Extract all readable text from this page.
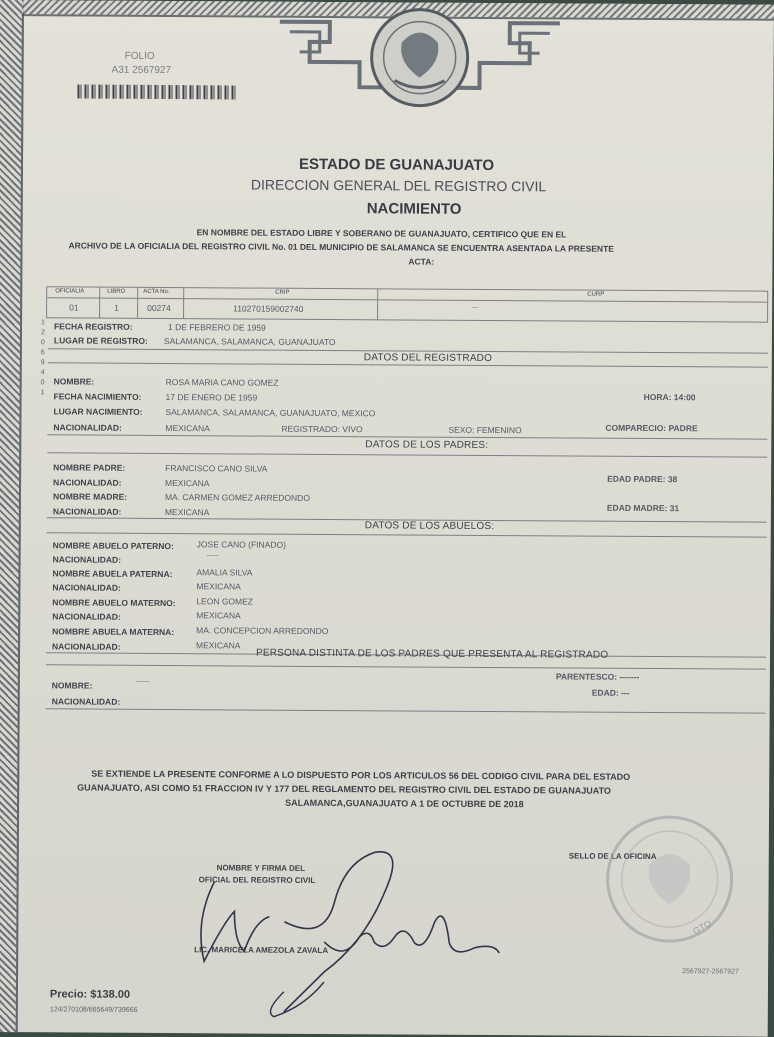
FOLIO
A31 2567927
ESTADO DE GUANAJUATO
DIRECCION GENERAL DEL REGISTRO CIVIL
NACIMIENTO
EN NOMBRE DEL ESTADO LIBRE Y SOBERANO DE GUANAJUATO, CERTIFICO QUE EN EL
ARCHIVO DE LA OFICIALIA DEL REGISTRO CIVIL No. 01 DEL MUNICIPIO DE SALAMANCA SE ENCUENTRA ASENTADA LA PRESENTE
ACTA:
OFICIALIA	LIBRO	ACTA No.	CRIP	CURP
01	1	00274	110270159002740	---
1
2
0
6
9
4
0
1
FECHA REGISTRO:	1 DE FEBRERO DE 1959
LUGAR DE REGISTRO: SALAMANCA, SALAMANCA, GUANAJUATO
DATOS DEL REGISTRADO
NOMBRE:	ROSA MARIA CANO GOMEZ
FECHA NACIMIENTO:	17 DE ENERO DE 1959	HORA: 14:00
LUGAR NACIMIENTO:	SALAMANCA, SALAMANCA, GUANAJUATO, MEXICO
NACIONALIDAD:	MEXICANA	REGISTRADO: VIVO	SEXO: FEMENINO	COMPARECIO: PADRE
DATOS DE LOS PADRES:
NOMBRE PADRE:	FRANCISCO CANO SILVA
NACIONALIDAD:	MEXICANA	EDAD PADRE: 38
NOMBRE MADRE:	MA. CARMEN GOMEZ ARREDONDO
NACIONALIDAD:	MEXICANA	EDAD MADRE: 31
DATOS DE LOS ABUELOS:
NOMBRE ABUELO PATERNO:	JOSE CANO (FINADO)
NACIONALIDAD:	------
NOMBRE ABUELA PATERNA:	AMALIA SILVA
NACIONALIDAD:	MEXICANA
NOMBRE ABUELO MATERNO: LEON GOMEZ
NACIONALIDAD:	MEXICANA
NOMBRE ABUELA MATERNA:	MA. CONCEPCION ARREDONDO
NACIONALIDAD:	MEXICANA
PERSONA DISTINTA DE LOS PADRES QUE PRESENTA AL REGISTRADO
PARENTESCO: -------
NOMBRE:	-------
EDAD: ---
NACIONALIDAD:
SE EXTIENDE LA PRESENTE CONFORME A LO DISPUESTO POR LOS ARTICULOS 56 DEL CODIGO CIVIL PARA DEL ESTADO
GUANAJUATO, ASI COMO 51 FRACCION IV Y 177 DEL REGLAMENTO DEL REGISTRO CIVIL DEL ESTADO DE GUANAJUATO
SALAMANCA,GUANAJUATO A 1 DE OCTUBRE DE 2018
NOMBRE Y FIRMA DEL
OFICIAL DEL REGISTRO CIVIL
LIC. MARICELA AMEZOLA ZAVALA
SELLO DE LA OFICINA
GTO
2567927-2567927
Precio: $138.00
124/270108/665649/739666
